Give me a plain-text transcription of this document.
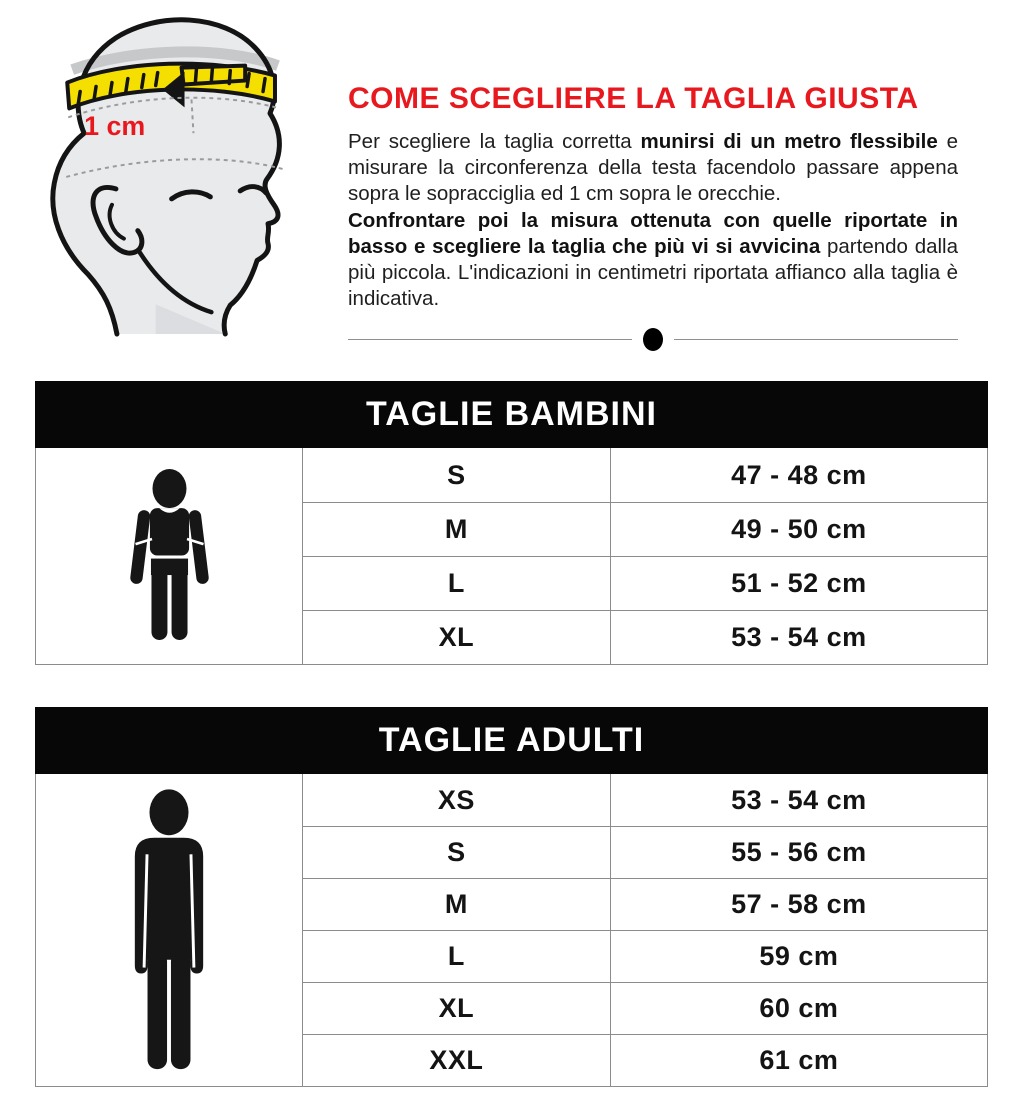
1 cm
COME SCEGLIERE LA TAGLIA GIUSTA

Per scegliere la taglia corretta munirsi di un metro flessibile e misurare la circonferenza della testa facendolo passare appena sopra le sopracciglia ed 1 cm sopra le orecchie.
Confrontare poi la misura ottenuta con quelle riportate in basso e scegliere la taglia che più vi si avvicina partendo dalla più piccola. L'indicazioni in centimetri riportata affianco alla taglia è indicativa.

TAGLIE BAMBINI
S	47 - 48 cm
M	49 - 50 cm
L	51 - 52 cm
XL	53 - 54 cm
TAGLIE ADULTI
XS	53 - 54 cm
S	55 - 56 cm
M	57 - 58 cm
L	59 cm
XL	60 cm
XXL	61 cm
